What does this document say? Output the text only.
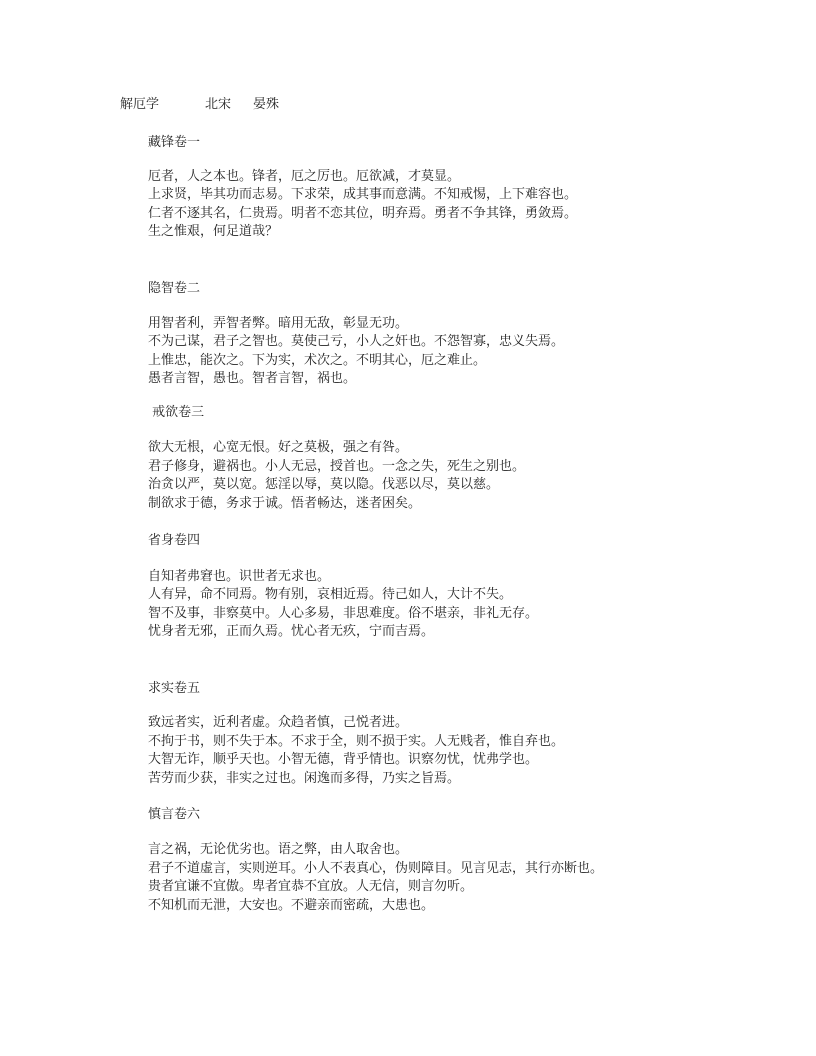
解厄学	北宋 晏殊
藏锋卷一
厄者，人之本也。锋者，厄之厉也。厄欲减，才莫显。
上求贤，毕其功而志易。下求荣，成其事而意满。不知戒惕，上下难容也。
仁者不逐其名，仁贵焉。明者不恋其位，明弃焉。勇者不争其锋，勇敛焉。
生之惟艰，何足道哉？
隐智卷二
用智者利，弄智者弊。暗用无敌，彰显无功。
不为己谋，君子之智也。莫使己亏，小人之奸也。不怨智寡，忠义失焉。
上惟忠，能次之。下为实，术次之。不明其心，厄之难止。
愚者言智，愚也。智者言智，祸也。
戒欲卷三
欲大无根，心宽无恨。好之莫极，强之有咎。
君子修身，避祸也。小人无忌，授首也。一念之失，死生之别也。
治贪以严，莫以宽。惩淫以辱，莫以隐。伐恶以尽，莫以慈。
制欲求于德，务求于诚。悟者畅达，迷者困矣。
省身卷四
自知者弗窘也。识世者无求也。
人有异，命不同焉。物有别，哀相近焉。待己如人，大计不失。
智不及事，非察莫中。人心多易，非思难度。俗不堪亲，非礼无存。
忧身者无邪，正而久焉。忧心者无疚，宁而吉焉。
求实卷五
致远者实，近利者虚。众趋者慎，己悦者进。
不拘于书，则不失于本。不求于全，则不损于实。人无贱者，惟自弃也。
大智无诈，顺乎天也。小智无德，背乎情也。识察勿忧，忧弗学也。
苦劳而少获，非实之过也。闲逸而多得，乃实之旨焉。
慎言卷六
言之祸，无论优劣也。语之弊，由人取舍也。
君子不道虚言，实则逆耳。小人不表真心，伪则障目。见言见志，其行亦断也。
贵者宜谦不宜傲。卑者宜恭不宜放。人无信，则言勿听。
不知机而无泄，大安也。不避亲而密疏，大患也。
